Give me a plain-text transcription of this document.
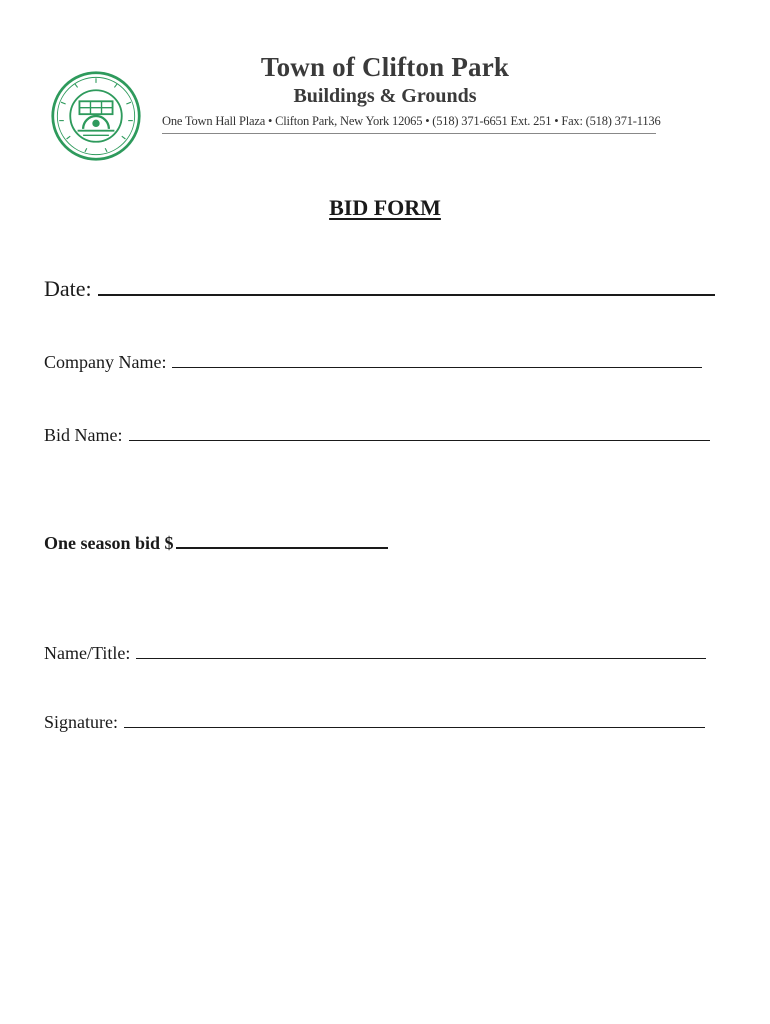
Town of Clifton Park
Buildings & Grounds
One Town Hall Plaza • Clifton Park, New York 12065 • (518) 371-6651 Ext. 251 • Fax: (518) 371-1136
BID FORM
Date:
Company Name:
Bid Name:
One season bid $
Name/Title:
Signature:
